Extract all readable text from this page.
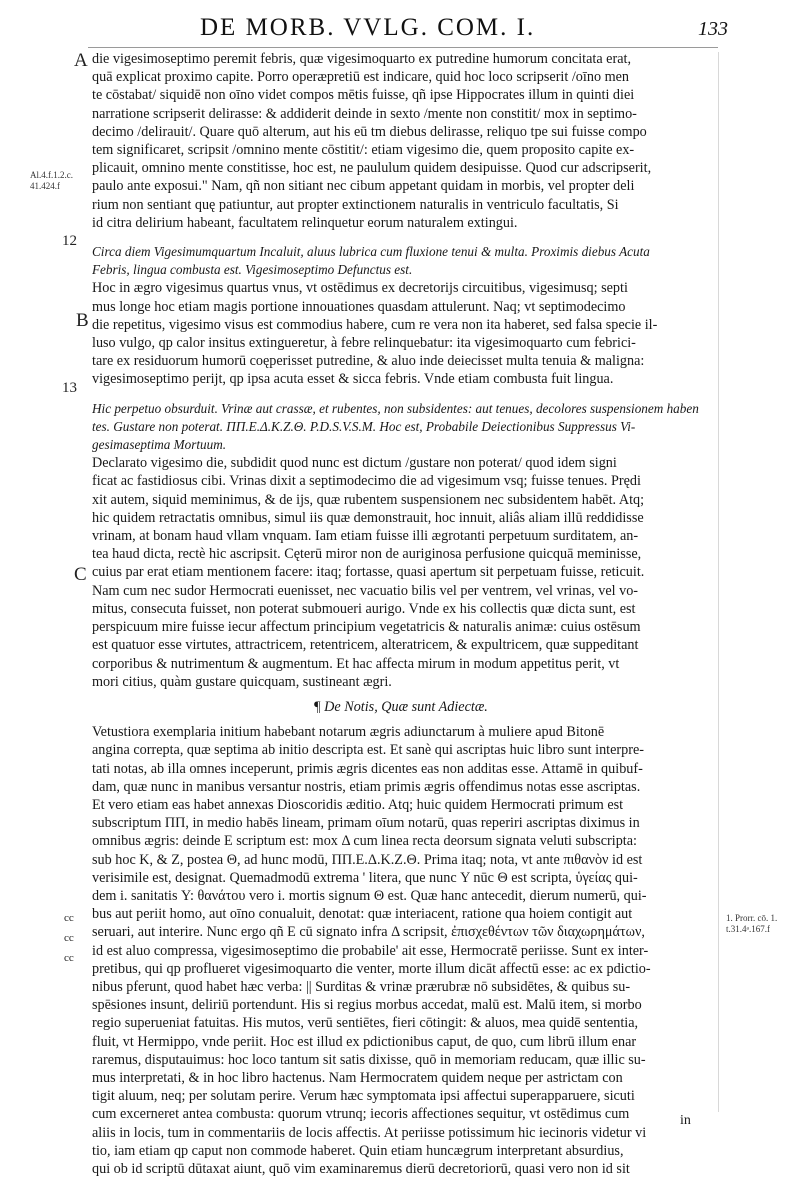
DE MORB. VVLG. COM. I.	133
A
Al.4.f.1.2.c.
41.424.f
12
B
13
C
cc
cc
cc
1. Prorr. cō. 1.
t.31.4ᵃ.167.f

die vigesimoseptimo peremit febris, quæ vigesimoquarto ex putredine humorum concitata erat,

quā explicat proximo capite. Porro operæpretiū est indicare, quid hoc loco scripserit /oīno men

te cōstabat/ siquidē non oīno videt compos mētis fuisse, qñ ipse Hippocrates illum in quinti diei

narratione scripserit delirasse: & addiderit deinde in sexto /mente non constitit/ mox in septimo-

decimo /delirauit/. Quare quō alterum, aut his eū tm diebus delirasse, reliquo tpe sui fuisse compo

tem significaret, scripsit /omnino mente cōstitit/: etiam vigesimo die, quem proposito capite ex-

plicauit, omnino mente constitisse, hoc est, ne paululum quidem desipuisse. Quod cur adscripserit,

paulo ante exposui." Nam, qñ non sitiant nec cibum appetant quidam in morbis, vel propter deli

rium non sentiant quę patiuntur, aut propter extinctionem naturalis in ventriculo facultatis, Si

id citra delirium habeant, facultatem relinquetur eorum naturalem extingui.

Circa diem Vigesimumquartum Incaluit, aluus lubrica cum fluxione tenui & multa. Proximis diebus Acuta

Febris, lingua combusta est. Vigesimoseptimo Defunctus est.

Hoc in ægro vigesimus quartus vnus, vt ostēdimus ex decretorijs circuitibus, vigesimusq; septi

mus longe hoc etiam magis portione innouationes quasdam attulerunt. Naq; vt septimodecimo

die repetitus, vigesimo visus est commodius habere, cum re vera non ita haberet, sed falsa specie il-

luso vulgo, qp calor insitus extingueretur, à febre relinquebatur: ita vigesimoquarto cum febrici-

tare ex residuorum humorū coęperisset putredine, & aluo inde deiecisset multa tenuia & maligna:

vigesimoseptimo perijt, qp ipsa acuta esset & sicca febris. Vnde etiam combusta fuit lingua.

Hic perpetuo obsurduit. Vrinæ aut crassæ, et rubentes, non subsidentes: aut tenues, decolores suspensionem haben

tes. Gustare non poterat. ΠΠ.Ε.Δ.Κ.Ζ.Θ. P.D.S.V.S.M. Hoc est, Probabile Deiectionibus Suppressus Vi-

gesimaseptima Mortuum.

Declarato vigesimo die, subdidit quod nunc est dictum /gustare non poterat/ quod idem signi

ficat ac fastidiosus cibi. Vrinas dixit a septimodecimo die ad vigesimum vsq; fuisse tenues. Prędi

xit autem, siquid meminimus, & de ijs, quæ rubentem suspensionem nec subsidentem habēt. Atq;

hic quidem retractatis omnibus, simul iis quæ demonstrauit, hoc innuit, aliâs aliam illū reddidisse

vrinam, at bonam haud vllam vnquam. Iam etiam fuisse illi ægrotanti perpetuum surditatem, an-

tea haud dicta, rectè hic ascripsit. Cęterū miror non de auriginosa perfusione quicquā meminisse,

cuius par erat etiam mentionem facere: itaq; fortasse, quasi apertum sit perpetuam fuisse, reticuit.

Nam cum nec sudor Hermocrati euenisset, nec vacuatio bilis vel per ventrem, vel vrinas, vel vo-

mitus, consecuta fuisset, non poterat submoueri aurigo. Vnde ex his collectis quæ dicta sunt, est

perspicuum mire fuisse iecur affectum principium vegetatricis & naturalis animæ: cuius ostēsum

est quatuor esse virtutes, attractricem, retentricem, alteratricem, & expultricem, quæ suppeditant

corporibus & nutrimentum & augmentum. Et hac affecta mirum in modum appetitus perit, vt

mori citius, quàm gustare quicquam, sustineant ægri.

¶ De Notis, Quæ sunt Adiectæ.

Vetustiora exemplaria initium habebant notarum ægris adiunctarum à muliere apud Bitonē

angina correpta, quæ septima ab initio descripta est. Et sanè qui ascriptas huic libro sunt interpre-

tati notas, ab illa omnes inceperunt, primis ægris dicentes eas non additas esse. Attamē in quibuf-

dam, quæ nunc in manibus versantur nostris, etiam primis ægris offendimus notas esse ascriptas.

Et vero etiam eas habet annexas Dioscoridis æditio. Atq; huic quidem Hermocrati primum est

subscriptum ΠΠ, in medio habēs lineam, primam oīum notarū, quas reperiri ascriptas diximus in

omnibus ægris: deinde Ε scriptum est: mox Δ cum linea recta deorsum signata veluti subscripta:

sub hoc Κ, & Ζ, postea Θ, ad hunc modū, ΠΠ.Ε.Δ.Κ.Ζ.Θ. Prima itaq; nota, vt ante πιθανὸν id est

verisimile est, designat. Quemadmodū extrema ' litera, que nunc Υ nūc Θ est scripta, ὑγείας qui-

dem i. sanitatis Υ: θανάτου vero i. mortis signum Θ est. Quæ hanc antecedit, dierum numerū, qui-

bus aut periit homo, aut oīno conualuit, denotat: quæ interiacent, ratione qua hoiem contigit aut

seruari, aut interire. Nunc ergo qñ Ε cū signato infra Δ scripsit, ἐπισχεθέντων τῶν διαχωρημάτων,

id est aluo compressa, vigesimoseptimo die probabile' ait esse, Hermocratē periisse. Sunt ex inter-

pretibus, qui qp proflueret vigesimoquarto die venter, morte illum dicāt affectū esse: ac ex pdictio-

nibus pferunt, quod habet hæc verba: || Surditas & vrinæ prærubræ nō subsidētes, & quibus su-

spēsiones insunt, deliriū portendunt. His si regius morbus accedat, malū est. Malū item, si morbo

regio superueniat fatuitas. His mutos, verū sentiētes, fieri cōtingit: & aluos, mea quidē sententia,

fluit, vt Hermippo, vnde periit. Hoc est illud ex pdictionibus caput, de quo, cum librū illum enar

raremus, disputauimus: hoc loco tantum sit satis dixisse, quō in memoriam reducam, quæ illic su-

mus interpretati, & in hoc libro hactenus. Nam Hermocratem quidem neque per astrictam con

tigit aluum, neq; per solutam perire. Verum hæc symptomata ipsi affectui superapparuere, sicuti

cum excerneret antea combusta: quorum vtrunq; iecoris affectiones sequitur, vt ostēdimus cum

aliis in locis, tum in commentariis de locis affectis. At periisse potissimum hic iecinoris videtur vi

tio, iam etiam qp caput non commode haberet. Quin etiam huncægrum interpretant absurdius,

qui ob id scriptū dūtaxat aiunt, quō vim examinaremus dierū decretoriorū, quasi vero non id sit

in
